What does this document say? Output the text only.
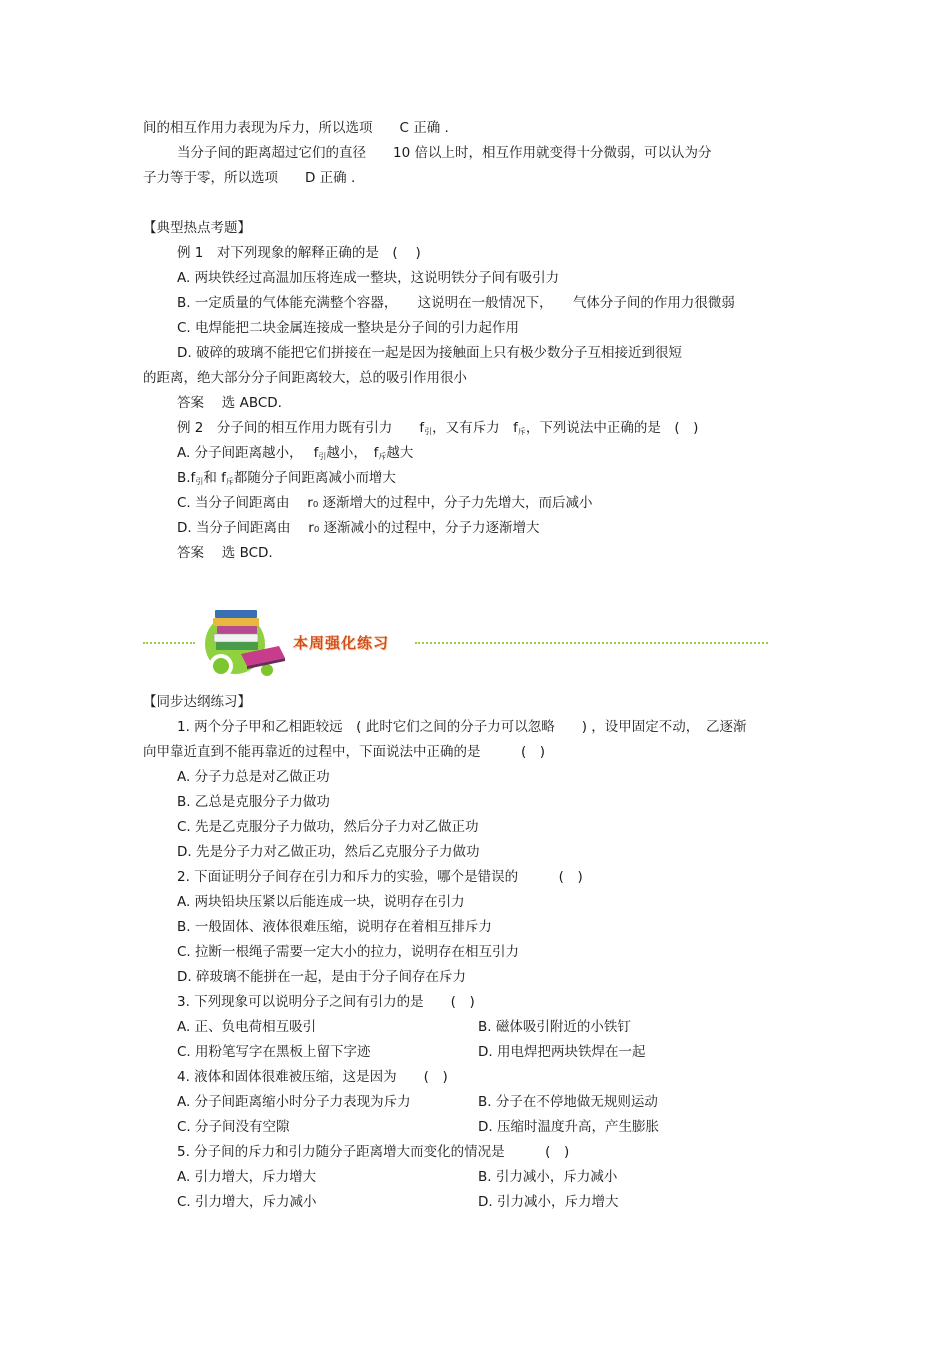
间的相互作用力表现为斥力，所以选项　　C 正确 .
当分子间的距离超过它们的直径　　10 倍以上时，相互作用就变得十分微弱，可以认为分
子力等于零，所以选项　　D 正确 .
【典型热点考题】
例 1　对下列现象的解释正确的是　( 　)
A. 两块铁经过高温加压将连成一整块，这说明铁分子间有吸引力
B. 一定质量的气体能充满整个容器，　　这说明在一般情况下，　　气体分子间的作用力很微弱
C. 电焊能把二块金属连接成一整块是分子间的引力起作用
D. 破碎的玻璃不能把它们拼接在一起是因为接触面上只有极少数分子互相接近到很短
的距离，绝大部分分子间距离较大，总的吸引作用很小
答案　 选 ABCD.
例 2　分子间的相互作用力既有引力　　$f_引$，又有斥力　$f_斥$，下列说法中正确的是　(　)
A. 分子间距离越小，　 $f_引$越小，　$f_斥$越大
$B.f_引$和 $f_斥$都随分子间距离减小而增大
C. 当分子间距离由　 r₀ 逐渐增大的过程中，分子力先增大，而后减小
D. 当分子间距离由　 r₀ 逐渐减小的过程中，分子力逐渐增大
答案　 选 BCD.
本周强化练习
【同步达纲练习】
1. 两个分子甲和乙相距较远　( 此时它们之间的分子力可以忽略　　) ，设甲固定不动，　乙逐渐
向甲靠近直到不能再靠近的过程中，下面说法中正确的是　　　(　)
A. 分子力总是对乙做正功
B. 乙总是克服分子力做功
C. 先是乙克服分子力做功，然后分子力对乙做正功
D. 先是分子力对乙做正功，然后乙克服分子力做功
2. 下面证明分子间存在引力和斥力的实验，哪个是错误的　　　(　)
A. 两块铅块压紧以后能连成一块，说明存在引力
B. 一般固体、液体很难压缩，说明存在着相互排斥力
C. 拉断一根绳子需要一定大小的拉力，说明存在相互引力
D. 碎玻璃不能拼在一起，是由于分子间存在斥力
3. 下列现象可以说明分子之间有引力的是　　(　)
A. 正、负电荷相互吸引	B. 磁体吸引附近的小铁钉
C. 用粉笔写字在黑板上留下字迹	D. 用电焊把两块铁焊在一起
4. 液体和固体很难被压缩，这是因为　　(　)
A. 分子间距离缩小时分子力表现为斥力	B. 分子在不停地做无规则运动
C. 分子间没有空隙	D. 压缩时温度升高，产生膨胀
5. 分子间的斥力和引力随分子距离增大而变化的情况是　　　(　)
A. 引力增大，斥力增大	B. 引力减小，斥力减小
C. 引力增大，斥力减小	D. 引力减小，斥力增大
